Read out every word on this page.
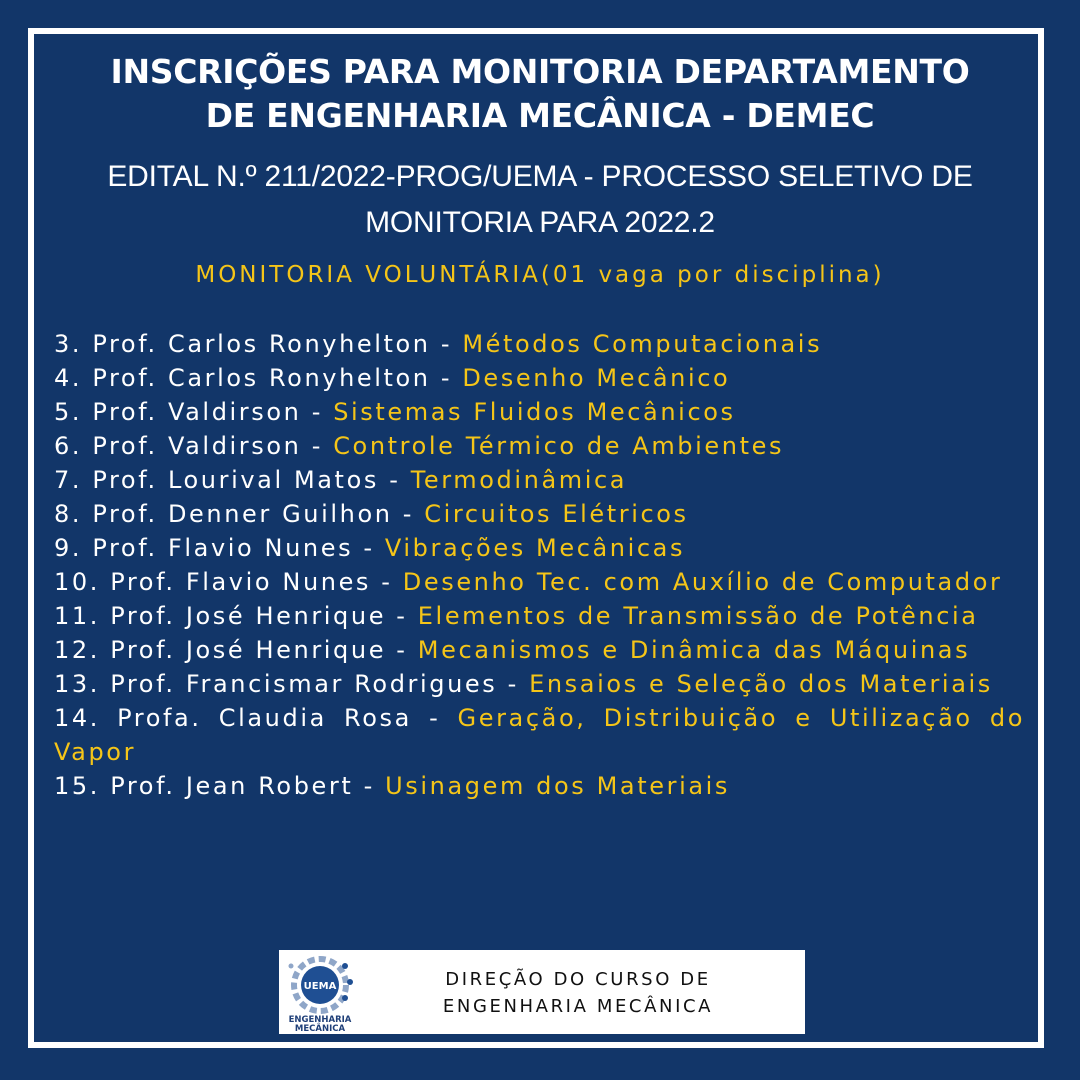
INSCRIÇÕES PARA MONITORIA DEPARTAMENTO
DE ENGENHARIA MECÂNICA - DEMEC
EDITAL N.º 211/2022-PROG/UEMA - PROCESSO SELETIVO DE
MONITORIA PARA 2022.2
MONITORIA VOLUNTÁRIA(01 vaga por disciplina)
3. Prof. Carlos Ronyhelton - Métodos Computacionais
4. Prof. Carlos Ronyhelton - Desenho Mecânico
5. Prof. Valdirson - Sistemas Fluidos Mecânicos
6. Prof. Valdirson - Controle Térmico de Ambientes
7. Prof. Lourival Matos - Termodinâmica
8. Prof. Denner Guilhon - Circuitos Elétricos
9. Prof. Flavio Nunes - Vibrações Mecânicas
10. Prof. Flavio Nunes - Desenho Tec. com Auxílio de Computador
11. Prof. José Henrique - Elementos de Transmissão de Potência
12. Prof. José Henrique - Mecanismos e Dinâmica das Máquinas
13. Prof. Francismar Rodrigues - Ensaios e Seleção dos Materiais
14. Profa. Claudia Rosa - Geração, Distribuição e Utilização do Vapor
15. Prof. Jean Robert - Usinagem dos Materiais
UEMA
ENGENHARIA
MECÂNICA
DIREÇÃO DO CURSO DE
ENGENHARIA MECÂNICA
